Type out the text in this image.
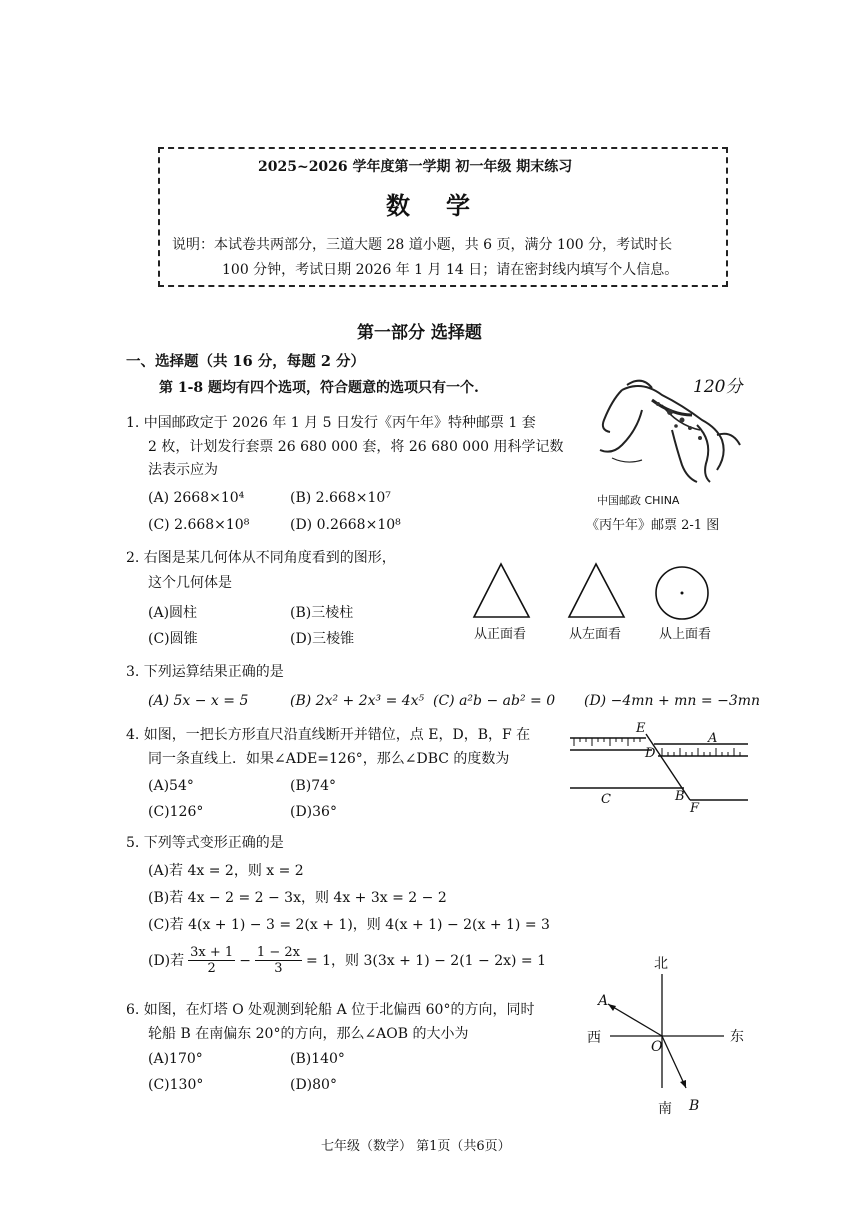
2025~2026 学年度第一学期 初一年级 期末练习
数学
说明：本试卷共两部分，三道大题 28 道小题，共 6 页，满分 100 分，考试时长
100 分钟，考试日期 2026 年 1 月 14 日；请在密封线内填写个人信息。
第一部分 选择题
一、选择题（共 16 分，每题 2 分）
第 1-8 题均有四个选项，符合题意的选项只有一个.
1. 中国邮政定于 2026 年 1 月 5 日发行《丙午年》特种邮票 1 套
2 枚，计划发行套票 26 680 000 套，将 26 680 000 用科学记数
法表示应为
(A) 2668×10⁴	(B) 2.668×10⁷
(C) 2.668×10⁸	(D) 0.2668×10⁸
120分
中国邮政 CHINA
《丙午年》邮票 2-1 图
2. 右图是某几何体从不同角度看到的图形，
这个几何体是
(A)圆柱	(B)三棱柱
(C)圆锥	(D)三棱锥	从正面看	从左面看	从上面看
3. 下列运算结果正确的是
(A) 5x − x = 5	(B) 2x² + 2x³ = 4x⁵ (C) a²b − ab² = 0 (D) −4mn + mn = −3mn
4. 如图，一把长方形直尺沿直线断开并错位，点 E，D，B，F 在
同一条直线上．如果∠ADE=126°，那么∠DBC 的度数为
(A)54°	(B)74°
(C)126°	(D)36°
E
A
D
C	B
F
5. 下列等式变形正确的是
(A)若 4x = 2，则 x = 2
(B)若 4x − 2 = 2 − 3x，则 4x + 3x = 2 − 2
(C)若 4(x + 1) − 3 = 2(x + 1)，则 4(x + 1) − 2(x + 1) = 3
(D)若 $\frac{3x + 1}{2} - \frac{1 - 2x}{3} = 1$，则 3(3x + 1) − 2(1 − 2x) = 1
6. 如图，在灯塔 O 处观测到轮船 A 位于北偏西 60°的方向，同时
轮船 B 在南偏东 20°的方向，那么∠AOB 的大小为
(A)170°	(B)140°
(C)130°	(D)80°
北
南
东
西
O
A
B
七年级（数学） 第1页（共6页）
